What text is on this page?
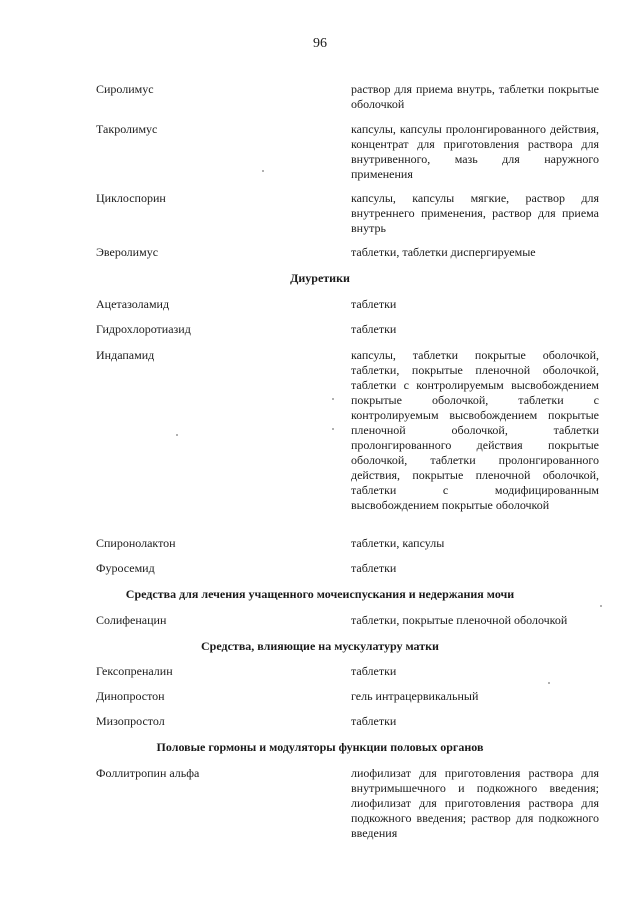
96
Сиролимус	раствор для приема внутрь, таблетки покрытые оболочкой
Такролимус	капсулы, капсулы пролонгированного действия, концентрат для приготовления раствора для внутривенного, мазь для наружного применения
Циклоспорин	капсулы, капсулы мягкие, раствор для внутреннего применения, раствор для приема внутрь
Эверолимус	таблетки, таблетки диспергируемые
Диуретики
Ацетазоламид	таблетки
Гидрохлоротиазид	таблетки
Индапамид	капсулы, таблетки покрытые оболочкой, таблетки, покрытые пленочной оболочкой, таблетки с контролируемым высвобождением покрытые оболочкой, таблетки с контролируемым высвобождением покрытые пленочной оболочкой, таблетки пролонгированного действия покрытые оболочкой, таблетки пролонгированного действия, покрытые пленочной оболочкой, таблетки с модифицированным высвобождением покрытые оболочкой
Спиронолактон	таблетки, капсулы
Фуросемид	таблетки
Средства для лечения учащенного мочеиспускания и недержания мочи
Солифенацин	таблетки, покрытые пленочной оболочкой
Средства, влияющие на мускулатуру матки
Гексопреналин	таблетки
Динопростон	гель интрацервикальный
Мизопростол	таблетки
Половые гормоны и модуляторы функции половых органов
Фоллитропин альфа	лиофилизат для приготовления раствора для внутримышечного и подкожного введения; лиофилизат для приготовления раствора для подкожного введения; раствор для подкожного введения
